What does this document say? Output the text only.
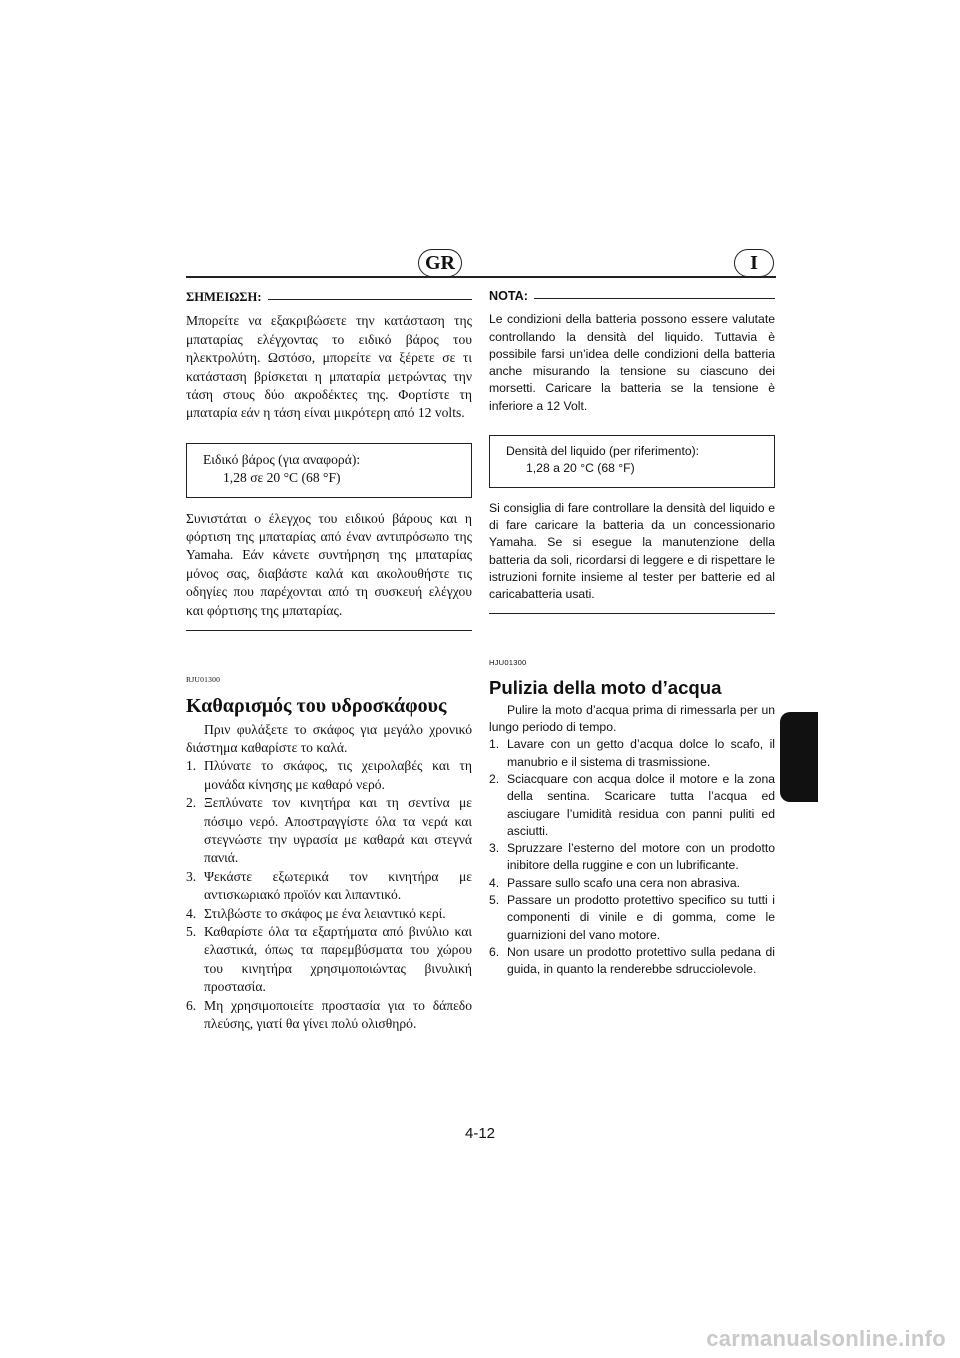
GR	I
ΣΗΜΕΙΩΣΗ:

Μπορείτε να εξακριβώσετε την κατάσταση της μπαταρίας ελέγχοντας το ειδικό βάρος του ηλεκτρολύτη. Ωστόσο, μπορείτε να ξέρετε σε τι κατάσταση βρίσκεται η μπαταρία μετρώντας την τάση στους δύο ακροδέκτες της. Φορτίστε τη μπαταρία εάν η τάση είναι μικρότερη από 12 volts.

Ειδικό βάρος (για αναφορά):
1,28 σε 20 °C (68 °F)

Συνιστάται ο έλεγχος του ειδικού βάρους και η φόρτιση της μπαταρίας από έναν αντιπρόσωπο της Yamaha. Εάν κάνετε συντήρηση της μπαταρίας μόνος σας, διαβάστε καλά και ακολουθήστε τις οδηγίες που παρέχονται από τη συσκευή ελέγχου και φόρτισης της μπαταρίας.

RJU01300
Καθαρισμός του υδροσκάφους

Πριν φυλάξετε το σκάφος για μεγάλο χρονικό διάστημα καθαρίστε το καλά.

1. Πλύνατε το σκάφος, τις χειρολαβές και τη μονάδα κίνησης με καθαρό νερό.
2. Ξεπλύνατε τον κινητήρα και τη σεντίνα με πόσιμο νερό. Αποστραγγίστε όλα τα νερά και στεγνώστε την υγρασία με καθαρά και στεγνά πανιά.
3. Ψεκάστε εξωτερικά τον κινητήρα με αντισκωριακό προϊόν και λιπαντικό.
4. Στιλβώστε το σκάφος με ένα λειαντικό κερί.
5. Καθαρίστε όλα τα εξαρτήματα από βινύλιο και ελαστικά, όπως τα παρεμβύσματα του χώρου του κινητήρα χρησιμοποιώντας βινυλική προστασία.
6. Μη χρησιμοποιείτε προστασία για το δάπεδο πλεύσης, γιατί θα γίνει πολύ ολισθηρό.
NOTA:

Le condizioni della batteria possono essere valutate controllando la densità del liquido. Tuttavia è possibile farsi un’idea delle condizioni della batteria anche misurando la tensione su ciascuno dei morsetti. Caricare la batteria se la tensione è inferiore a 12 Volt.

Densità del liquido (per riferimento):
1,28 a 20 °C (68 °F)

Si consiglia di fare controllare la densità del liquido e di fare caricare la batteria da un concessionario Yamaha. Se si esegue la manutenzione della batteria da soli, ricordarsi di leggere e di rispettare le istruzioni fornite insieme al tester per batterie ed al caricabatteria usati.

HJU01300
Pulizia della moto d’acqua

Pulire la moto d’acqua prima di rimessarla per un lungo periodo di tempo.

1. Lavare con un getto d’acqua dolce lo scafo, il manubrio e il sistema di trasmissione.
2. Sciacquare con acqua dolce il motore e la zona della sentina. Scaricare tutta l’acqua ed asciugare l’umidità residua con panni puliti ed asciutti.
3. Spruzzare l’esterno del motore con un prodotto inibitore della ruggine e con un lubrificante.
4. Passare sullo scafo una cera non abrasiva.
5. Passare un prodotto protettivo specifico su tutti i componenti di vinile e di gomma, come le guarnizioni del vano motore.
6. Non usare un prodotto protettivo sulla pedana di guida, in quanto la renderebbe sdrucciolevole.
4-12
carmanualsonline.info
